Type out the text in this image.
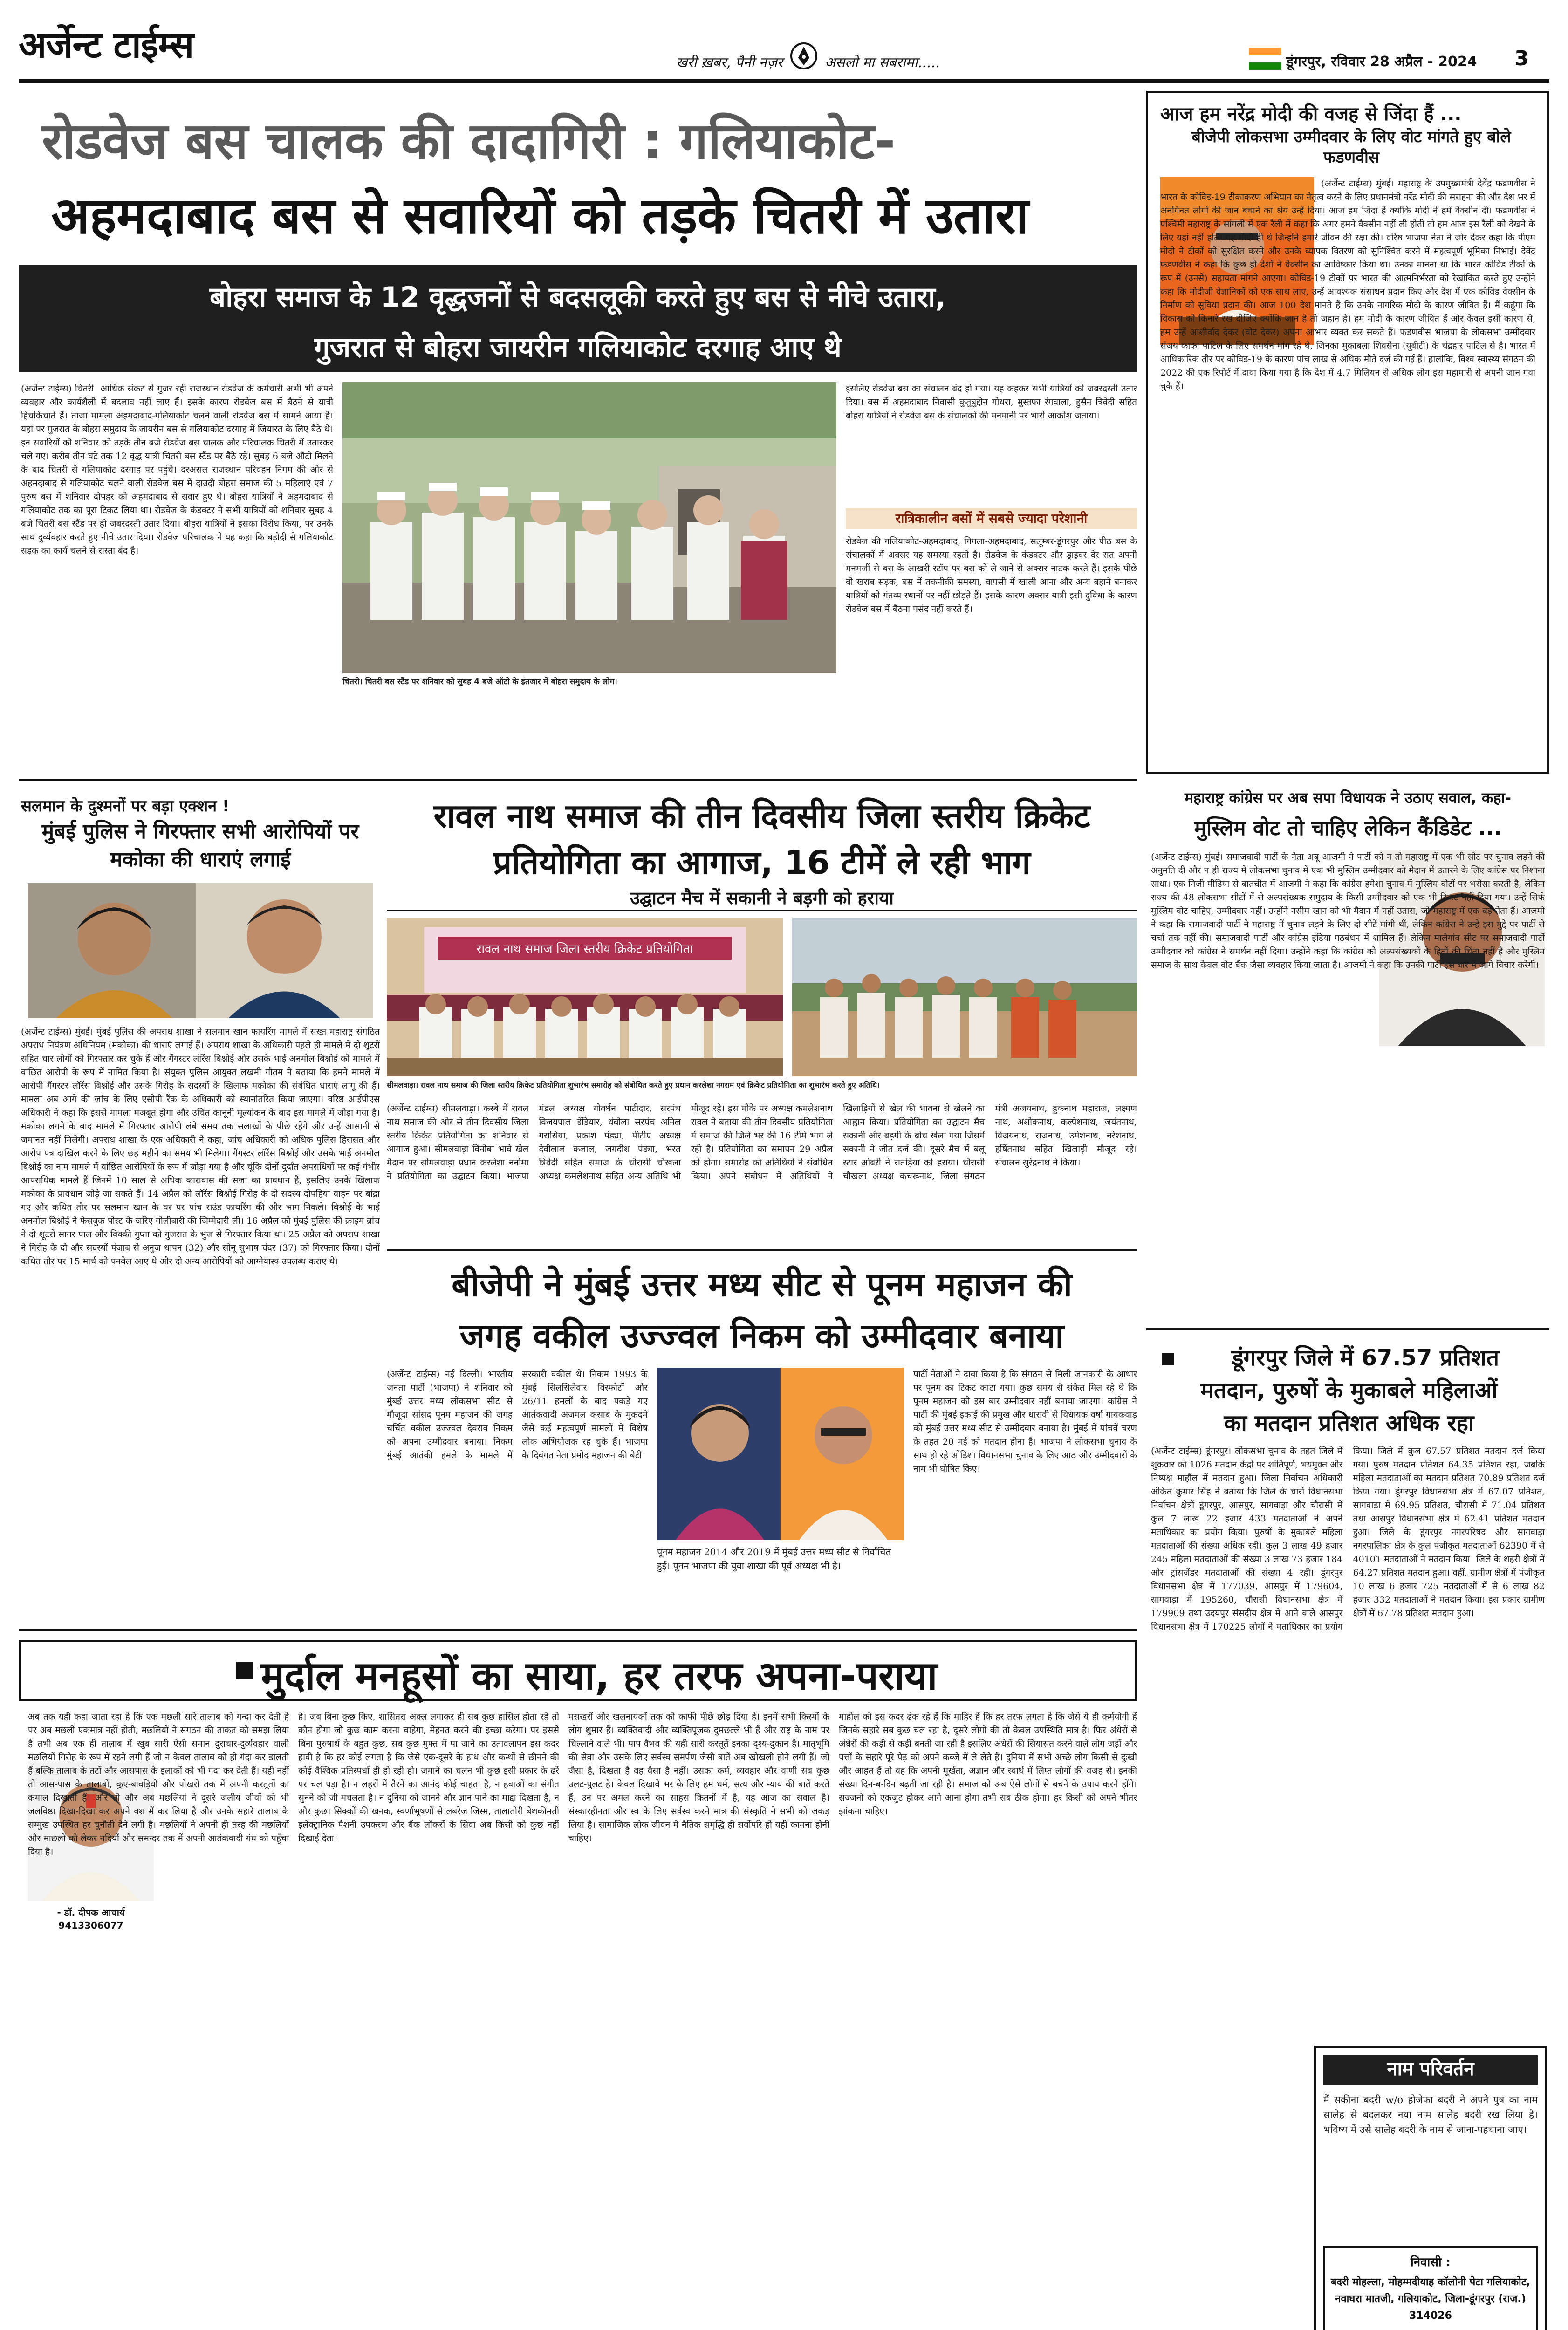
अर्जेन्ट टाईम्स	खरी ख़बर, पैनी नज़र	असलो मा सबरामा.....	डूंगरपुर, रविवार 28 अप्रैल - 2024	3
रोडवेज बस चालक की दादागिरी : गलियाकोट-
अहमदाबाद बस से सवारियों को तड़के चितरी में उतारा
बोहरा समाज के 12 वृद्धजनों से बदसलूकी करते हुए बस से नीचे उतारा,
गुजरात से बोहरा जायरीन गलियाकोट दरगाह आए थे
(अर्जेन्ट टाईम्स) चितरी। आर्थिक संकट से गुजर रही राजस्थान रोडवेज के कर्मचारी अभी भी अपने व्यवहार और कार्यशैली में बदलाव नहीं लाए हैं। इसके कारण रोडवेज बस में बैठने से यात्री हिचकिचाते हैं। ताजा मामला अहमदाबाद-गलियाकोट चलने वाली रोडवेज बस में सामने आया है। यहां पर गुजरात के बोहरा समुदाय के जायरीन बस से गलियाकोट दरगाह में जियारत के लिए बैठे थे। इन सवारियों को शनिवार को तड़के तीन बजे रोडवेज बस चालक और परिचालक चितरी में उतारकर चले गए। करीब तीन घंटे तक 12 वृद्ध यात्री चितरी बस स्टैंड पर बैठे रहे। सुबह 6 बजे ऑटो मिलने के बाद चितरी से गलियाकोट दरगाह पर पहुंचे। दरअसल राजस्थान परिवहन निगम की ओर से अहमदाबाद से गलियाकोट चलने वाली रोडवेज बस में दाउदी बोहरा समाज की 5 महिलाएं एवं 7 पुरुष बस में शनिवार दोपहर को अहमदाबाद से सवार हुए थे। बोहरा यात्रियों ने अहमदाबाद से गलियाकोट तक का पूरा टिकट लिया था। रोडवेज के कंडक्टर ने सभी यात्रियों को शनिवार सुबह 4 बजे चितरी बस स्टैंड पर ही जबरदस्ती उतार दिया। बोहरा यात्रियों ने इसका विरोध किया, पर उनके साथ दुर्व्यवहार करते हुए नीचे उतार दिया। रोडवेज परिचालक ने यह कहा कि बड़ोदी से गलियाकोट सड़क का कार्य चलने से रास्ता बंद है।
चितरी। चितरी बस स्टैंड पर शनिवार को सुबह 4 बजे ऑटो के इंतजार में बोहरा समुदाय के लोग।
इसलिए रोडवेज बस का संचालन बंद हो गया। यह कहकर सभी यात्रियों को जबरदस्ती उतार दिया। बस में अहमदाबाद निवासी कुतुबुद्दीन गोधरा, मुस्तफा रंगवाला, हुसैन त्रिवेदी सहित बोहरा यात्रियों ने रोडवेज बस के संचालकों की मनमानी पर भारी आक्रोश जताया।
रात्रिकालीन बसों में सबसे ज्यादा परेशानी
रोडवेज की गलियाकोट-अहमदाबाद, गिगला-अहमदाबाद, सलूम्बर-डूंगरपुर और पीठ बस के संचालकों में अक्सर यह समस्या रहती है। रोडवेज के कंडक्टर और ड्राइवर देर रात अपनी मनमर्जी से बस के आखरी स्टॉप पर बस को ले जाने से अक्सर नाटक करते हैं। इसके पीछे वो खराब सड़क, बस में तकनीकी समस्या, वापसी में खाली आना और अन्य बहाने बनाकर यात्रियों को गंतव्य स्थानों पर नहीं छोड़ते हैं। इसके कारण अक्सर यात्री इसी दुविधा के कारण रोडवेज बस में बैठना पसंद नहीं करते हैं।
आज हम नरेंद्र मोदी की वजह से जिंदा हैं ...
बीजेपी लोकसभा उम्मीदवार के लिए वोट मांगते हुए बोले फडणवीस
(अर्जेन्ट टाईम्स) मुंबई। महाराष्ट्र के उपमुख्यमंत्री देवेंद्र फडणवीस ने भारत के कोविड-19 टीकाकरण अभियान का नेतृत्व करने के लिए प्रधानमंत्री नरेंद्र मोदी की सराहना की और देश भर में अनगिनत लोगों की जान बचाने का श्रेय उन्हें दिया। आज हम जिंदा हैं क्योंकि मोदी ने हमें वैक्सीन दी। फडणवीस ने पश्चिमी महाराष्ट्र के सांगली में एक रैली में कहा कि अगर हमने वैक्सीन नहीं ली होती तो हम आज इस रैली को देखने के लिए यहां नहीं होते। यह मोदी ही थे जिन्होंने हमारे जीवन की रक्षा की। वरिष्ठ भाजपा नेता ने जोर देकर कहा कि पीएम मोदी ने टीकों को सुरक्षित करने और उनके व्यापक वितरण को सुनिश्चित करने में महत्वपूर्ण भूमिका निभाई। देवेंद्र फडणवीस ने कहा कि कुछ ही देशों ने वैक्सीन का आविष्कार किया था। उनका मानना था कि भारत कोविड टीकों के रूप में (उनसे) सहायता मांगने आएगा। कोविड-19 टीकों पर भारत की आत्मनिर्भरता को रेखांकित करते हुए उन्होंने कहा कि मोदीजी वैज्ञानिकों को एक साथ लाए, उन्हें आवश्यक संसाधन प्रदान किए और देश में एक कोविड वैक्सीन के निर्माण को सुविधा प्रदान की। आज 100 देश मानते हैं कि उनके नागरिक मोदी के कारण जीवित हैं। मैं कहूंगा कि विकास को किनारे रख दीजिए क्योंकि जान है तो जहान है। हम मोदी के कारण जीवित हैं और केवल इसी कारण से, हम उन्हें आशीर्वाद देकर (वोट देकर) अपना आभार व्यक्त कर सकते हैं। फडणवीस भाजपा के लोकसभा उम्मीदवार संजय काका पाटिल के लिए समर्थन मांग रहे थे, जिनका मुकाबला शिवसेना (यूबीटी) के चंद्रहार पाटिल से है। भारत में आधिकारिक तौर पर कोविड-19 के कारण पांच लाख से अधिक मौतें दर्ज की गई हैं। हालांकि, विश्व स्वास्थ्य संगठन की 2022 की एक रिपोर्ट में दावा किया गया है कि देश में 4.7 मिलियन से अधिक लोग इस महामारी से अपनी जान गंवा चुके हैं।
महाराष्ट्र कांग्रेस पर अब सपा विधायक ने उठाए सवाल, कहा-
मुस्लिम वोट तो चाहिए लेकिन कैंडिडेट ...
(अर्जेन्ट टाईम्स) मुंबई। समाजवादी पार्टी के नेता अबू आजमी ने पार्टी को न तो महाराष्ट्र में एक भी सीट पर चुनाव लड़ने की अनुमति दी और न ही राज्य में लोकसभा चुनाव में एक भी मुस्लिम उम्मीदवार को मैदान में उतारने के लिए कांग्रेस पर निशाना साधा। एक निजी मीडिया से बातचीत में आजमी ने कहा कि कांग्रेस हमेशा चुनाव में मुस्लिम वोटों पर भरोसा करती है, लेकिन राज्य की 48 लोकसभा सीटों में से अल्पसंख्यक समुदाय के किसी उम्मीदवार को एक भी टिकट नहीं दिया गया। उन्हें सिर्फ मुस्लिम वोट चाहिए, उम्मीदवार नहीं। उन्होंने नसीम खान को भी मैदान में नहीं उतारा, जो महाराष्ट्र में एक बड़े नेता हैं। आजमी ने कहा कि समाजवादी पार्टी ने महाराष्ट्र में चुनाव लड़ने के लिए दो सीटें मांगी थीं, लेकिन कांग्रेस ने उन्हें इस मुद्दे पर पार्टी से चर्चा तक नहीं की। समाजवादी पार्टी और कांग्रेस इंडिया गठबंधन में शामिल हैं। लेकिन मालेगांव सीट पर समाजवादी पार्टी उम्मीदवार को कांग्रेस ने समर्थन नहीं दिया। उन्होंने कहा कि कांग्रेस को अल्पसंख्यकों के हितों की चिंता नहीं है और मुस्लिम समाज के साथ केवल वोट बैंक जैसा व्यवहार किया जाता है। आजमी ने कहा कि उनकी पार्टी इस बारे में आगे विचार करेगी।
सलमान के दुश्मनों पर बड़ा एक्शन !
मुंबई पुलिस ने गिरफ्तार सभी आरोपियों पर मकोका की धाराएं लगाई
(अर्जेन्ट टाईम्स) मुंबई। मुंबई पुलिस की अपराध शाखा ने सलमान खान फायरिंग मामले में सख्त महाराष्ट्र संगठित अपराध नियंत्रण अधिनियम (मकोका) की धाराएं लगाई हैं। अपराध शाखा के अधिकारी पहले ही मामले में दो शूटरों सहित चार लोगों को गिरफ्तार कर चुके हैं और गैंगस्टर लॉरेंस बिश्नोई और उसके भाई अनमोल बिश्नोई को मामले में वांछित आरोपी के रूप में नामित किया है। संयुक्त पुलिस आयुक्त लखमी गौतम ने बताया कि हमने मामले में आरोपी गैंगस्टर लॉरेंस बिश्नोई और उसके गिरोह के सदस्यों के खिलाफ मकोका की संबंधित धाराएं लागू की हैं। मामला अब आगे की जांच के लिए एसीपी रैंक के अधिकारी को स्थानांतरित किया जाएगा। वरिष्ठ आईपीएस अधिकारी ने कहा कि इससे मामला मजबूत होगा और उचित कानूनी मूल्यांकन के बाद इस मामले में जोड़ा गया है। मकोका लगने के बाद मामले में गिरफ्तार आरोपी लंबे समय तक सलाखों के पीछे रहेंगे और उन्हें आसानी से जमानत नहीं मिलेगी। अपराध शाखा के एक अधिकारी ने कहा, जांच अधिकारी को अधिक पुलिस हिरासत और आरोप पत्र दाखिल करने के लिए छह महीने का समय भी मिलेगा। गैंगस्टर लॉरेंस बिश्नोई और उसके भाई अनमोल बिश्नोई का नाम मामले में वांछित आरोपियों के रूप में जोड़ा गया है और चूंकि दोनों दुर्दांत अपराधियों पर कई गंभीर आपराधिक मामले हैं जिनमें 10 साल से अधिक कारावास की सजा का प्रावधान है, इसलिए उनके खिलाफ मकोका के प्रावधान जोड़े जा सकते हैं। 14 अप्रैल को लॉरेंस बिश्नोई गिरोह के दो सदस्य दोपहिया वाहन पर बांद्रा गए और कथित तौर पर सलमान खान के घर पर पांच राउंड फायरिंग की और भाग निकले। बिश्नोई के भाई अनमोल बिश्नोई ने फेसबुक पोस्ट के जरिए गोलीबारी की जिम्मेदारी ली। 16 अप्रैल को मुंबई पुलिस की क्राइम ब्रांच ने दो शूटरों सागर पाल और विक्की गुप्ता को गुजरात के भुज से गिरफ्तार किया था। 25 अप्रैल को अपराध शाखा ने गिरोह के दो और सदस्यों पंजाब से अनुज थापन (32) और सोनू सुभाष चंदर (37) को गिरफ्तार किया। दोनों कथित तौर पर 15 मार्च को पनवेल आए थे और दो अन्य आरोपियों को आग्नेयास्त्र उपलब्ध कराए थे।
रावल नाथ समाज की तीन दिवसीय जिला स्तरीय क्रिकेट
प्रतियोगिता का आगाज, 16 टीमें ले रही भाग
उद्घाटन मैच में सकानी ने बड़गी को हराया
रावल नाथ समाज जिला स्तरीय क्रिकेट प्रतियोगिता
सीमलवाड़ा। रावल नाथ समाज की जिला स्तरीय क्रिकेट प्रतियोगिता शुभारंभ समारोह को संबोधित करते हुए प्रधान करलेशा नगराम एवं क्रिकेट प्रतियोगिता का शुभारंभ करते हुए अतिथि।
(अर्जेन्ट टाईम्स) सीमलवाड़ा। कस्बे में रावल नाथ समाज की ओर से तीन दिवसीय जिला स्तरीय क्रिकेट प्रतियोगिता का शनिवार से आगाज हुआ। सीमलवाड़ा विनोबा भावे खेल मैदान पर सीमलवाड़ा प्रधान करलेशा ननोमा ने प्रतियोगिता का उद्घाटन किया। भाजपा मंडल अध्यक्ष गोवर्धन पाटीदार, सरपंच विजयपाल डेंडियार, धंबोला सरपंच अनिल गरासिया, प्रकाश पंड्या, पीटीए अध्यक्ष देवीलाल कलाल, जगदीश पंड्या, भरत त्रिवेदी सहित समाज के चौरासी चौखला अध्यक्ष कमलेशनाथ सहित अन्य अतिथि भी मौजूद रहे। इस मौके पर अध्यक्ष कमलेशनाथ रावल ने बताया की तीन दिवसीय प्रतियोगिता में समाज की जिले भर की 16 टीमें भाग ले रही है। प्रतियोगिता का समापन 29 अप्रैल को होगा। समारोह को अतिथियों ने संबोधित किया। अपने संबोधन में अतिथियों ने खिलाड़ियों से खेल की भावना से खेलने का आह्वान किया। प्रतियोगिता का उद्घाटन मैच सकानी और बड़गी के बीच खेला गया जिसमें सकानी ने जीत दर्ज की। दूसरे मैच में बलू स्टार ओबरी ने रातड़िया को हराया। चौरासी चौखला अध्यक्ष कचरूनाथ, जिला संगठन मंत्री अजयनाथ, हुकनाथ महाराज, लक्ष्मण नाथ, अशोकनाथ, कल्पेशनाथ, जयंतनाथ, विजयनाथ, राजनाथ, उमेशनाथ, नरेशनाथ, हर्षितनाथ सहित खिलाड़ी मौजूद रहे। संचालन सुरेंद्रनाथ ने किया।
बीजेपी ने मुंबई उत्तर मध्य सीट से पूनम महाजन की
जगह वकील उज्ज्वल निकम को उम्मीदवार बनाया
(अर्जेन्ट टाईम्स) नई दिल्ली। भारतीय जनता पार्टी (भाजपा) ने शनिवार को मुंबई उत्तर मध्य लोकसभा सीट से मौजूदा सांसद पूनम महाजन की जगह चर्चित वकील उज्ज्वल देवराव निकम को अपना उम्मीदवार बनाया। निकम मुंबई आतंकी हमले के मामले में सरकारी वकील थे। निकम 1993 के मुंबई सिलसिलेवार विस्फोटों और 26/11 हमलों के बाद पकड़े गए आतंकवादी अजमल कसाब के मुकदमे जैसे कई महत्वपूर्ण मामलों में विशेष लोक अभियोजक रह चुके हैं। भाजपा के दिवंगत नेता प्रमोद महाजन की बेटी
पूनम महाजन 2014 और 2019 में मुंबई उत्तर मध्य सीट से निर्वाचित हुई। पूनम भाजपा की युवा शाखा की पूर्व अध्यक्ष भी है।
पार्टी नेताओं ने दावा किया है कि संगठन से मिली जानकारी के आधार पर पूनम का टिकट काटा गया। कुछ समय से संकेत मिल रहे थे कि पूनम महाजन को इस बार उम्मीदवार नहीं बनाया जाएगा। कांग्रेस ने पार्टी की मुंबई इकाई की प्रमुख और धारावी से विधायक वर्षा गायकवाड़ को मुंबई उत्तर मध्य सीट से उम्मीदवार बनाया है। मुंबई में पांचवें चरण के तहत 20 मई को मतदान होना है। भाजपा ने लोकसभा चुनाव के साथ हो रहे ओडिशा विधानसभा चुनाव के लिए आठ और उम्मीदवारों के नाम भी घोषित किए।
डूंगरपुर जिले में 67.57 प्रतिशत
मतदान, पुरुषों के मुकाबले महिलाओं
का मतदान प्रतिशत अधिक रहा
(अर्जेन्ट टाईम्स) डूंगरपुर। लोकसभा चुनाव के तहत जिले में शुक्रवार को 1026 मतदान केंद्रों पर शांतिपूर्ण, भयमुक्त और निष्पक्ष माहौल में मतदान हुआ। जिला निर्वाचन अधिकारी अंकित कुमार सिंह ने बताया कि जिले के चारों विधानसभा निर्वाचन क्षेत्रों डूंगरपुर, आसपुर, सागवाड़ा और चौरासी में कुल 7 लाख 22 हजार 433 मतदाताओं ने अपने मताधिकार का प्रयोग किया। पुरुषों के मुकाबले महिला मतदाताओं की संख्या अधिक रही। कुल 3 लाख 49 हजार 245 महिला मतदाताओं की संख्या 3 लाख 73 हजार 184 और ट्रांसजेंडर मतदाताओं की संख्या 4 रही। डूंगरपुर विधानसभा क्षेत्र में 177039, आसपुर में 179604, सागवाड़ा में 195260, चौरासी विधानसभा क्षेत्र में 179909 तथा उदयपुर संसदीय क्षेत्र में आने वाले आसपुर विधानसभा क्षेत्र में 170225 लोगों ने मताधिकार का प्रयोग किया। जिले में कुल 67.57 प्रतिशत मतदान दर्ज किया गया। पुरुष मतदान प्रतिशत 64.35 प्रतिशत रहा, जबकि महिला मतदाताओं का मतदान प्रतिशत 70.89 प्रतिशत दर्ज किया गया। डूंगरपुर विधानसभा क्षेत्र में 67.07 प्रतिशत, सागवाड़ा में 69.95 प्रतिशत, चौरासी में 71.04 प्रतिशत तथा आसपुर विधानसभा क्षेत्र में 62.41 प्रतिशत मतदान हुआ। जिले के डूंगरपुर नगरपरिषद और सागवाड़ा नगरपालिका क्षेत्र के कुल पंजीकृत मतदाताओं 62390 में से 40101 मतदाताओं ने मतदान किया। जिले के शहरी क्षेत्रों में 64.27 प्रतिशत मतदान हुआ। वहीं, ग्रामीण क्षेत्रों में पंजीकृत 10 लाख 6 हजार 725 मतदाताओं में से 6 लाख 82 हजार 332 मतदाताओं ने मतदान किया। इस प्रकार ग्रामीण क्षेत्रों में 67.78 प्रतिशत मतदान हुआ।
मुर्दाल मनहूसों का साया, हर तरफ अपना-पराया
- डॉ. दीपक आचार्य
9413306077
अब तक यही कहा जाता रहा है कि एक मछली सारे तालाब को गन्दा कर देती है पर अब मछली एकमात्र नहीं होती, मछलियों ने संगठन की ताकत को समझ लिया है तभी अब एक ही तालाब में खूब सारी ऐसी समान दुराचार-दुर्व्यवहार वाली मछलियों गिरोह के रूप में रहने लगी हैं जो न केवल तालाब को ही गंदा कर डालती हैं बल्कि तालाब के तटों और आसपास के इलाकों को भी गंदा कर देती हैं। यही नहीं तो आस-पास के तालाबों, कुए-बावड़ियों और पोखरों तक में अपनी करतूतों का कमाल दिखाती हैं। और तो और अब मछलियां ने दूसरे जलीय जीवों को भी जलविष्ठा दिखा-दिखा कर अपने वश में कर लिया है और उनके सहारे तालाब के सम्मुख उपस्थित हर चुनौती देने लगी है। मछलियों ने अपनी ही तरह की मछलियों और माछलों को लेकर नदियों और समन्दर तक में अपनी आतंकवादी गंध को पहुँचा दिया है।
है। जब बिना कुछ किए, शासितरा अक्ल लगाकर ही सब कुछ हासिल होता रहे तो कौन होगा जो कुछ काम करना चाहेगा, मेहनत करने की इच्छा करेगा। पर इससे बिना पुरुषार्थ के बहुत कुछ, सब कुछ मुफ्त में पा जाने का उतावलापन इस कदर हावी है कि हर कोई लगता है कि जैसे एक-दूसरे के हाथ और कन्धों से छीनने की कोई वैश्विक प्रतिस्पर्धा ही हो रही हो। जमाने का चलन भी कुछ इसी प्रकार के ढर्रे पर चल पड़ा है। न लहरों में तैरने का आनंद कोई चाहता है, न हवाओं का संगीत सुनने को जी मचलता है। न दुनिया को जानने और ज्ञान पाने का माद्दा दिखता है, न और कुछ। सिक्कों की खनक, स्वर्णाभूषणों से लबरेज जिस्म, तालातोरी बेशकीमती इलेक्ट्रानिक पैशनी उपकरण और बैंक लॉकरों के सिवा अब किसी को कुछ नहीं दिखाई देता।
मसखरों और खलनायकों तक को काफी पीछे छोड़ दिया है। इनमें सभी किस्मों के लोग शुमार हैं। व्यक्तिवादी और व्यक्तिपूजक दुमछल्ले भी हैं और राष्ट्र के नाम पर चिल्लाने वाले भी। पाप वैभव की यही सारी करतूतें इनका दृश्य-दुकान है। मातृभूमि की सेवा और उसके लिए सर्वस्व समर्पण जैसी बातें अब खोखली होने लगी हैं। जो जैसा है, दिखता है वह वैसा है नहीं। उसका कर्म, व्यवहार और वाणी सब कुछ उलट-पुलट है। केवल दिखावे भर के लिए हम धर्म, सत्य और न्याय की बातें करते हैं, उन पर अमल करने का साहस कितनों में है, यह आज का सवाल है। संस्कारहीनता और स्व के लिए सर्वस्व करने मात्र की संस्कृति ने सभी को जकड़ लिया है। सामाजिक लोक जीवन में नैतिक समृद्धि ही सर्वोपरि हो यही कामना होनी चाहिए।
माहौल को इस कदर ढंक रहे हैं कि माहिर हैं कि हर तरफ लगता है कि जैसे ये ही कर्मयोगी हैं जिनके सहारे सब कुछ चल रहा है, दूसरे लोगों की तो केवल उपस्थिति मात्र है। फिर अंधेरों से अंधेरों की कड़ी से कड़ी बनती जा रही है इसलिए अंधेरों की सियासत करने वाले लोग जड़ों और पत्तों के सहारे पूरे पेड़ को अपने कब्जे में ले लेते हैं। दुनिया में सभी अच्छे लोग किसी से दुःखी और आहत हैं तो वह कि अपनी मूर्खता, अज्ञान और स्वार्थ में लिप्त लोगों की वजह से। इनकी संख्या दिन-ब-दिन बढ़ती जा रही है। समाज को अब ऐसे लोगों से बचने के उपाय करने होंगे। सज्जनों को एकजुट होकर आगे आना होगा तभी सब ठीक होगा। हर किसी को अपने भीतर झांकना चाहिए।
नाम परिवर्तन
मैं सकीना बदरी w/o होजेफा बदरी ने अपने पुत्र का नाम सालेह से बदलकर नया नाम सालेह बदरी रख लिया है। भविष्य में उसे सालेह बदरी के नाम से जाना-पहचाना जाए।
निवासी :
बदरी मोहल्ला, मोहम्मदीयाह कॉलोनी पेटा गलियाकोट, नवाघरा मातजी, गलियाकोट, जिला-डूंगरपुर (राज.) 314026
